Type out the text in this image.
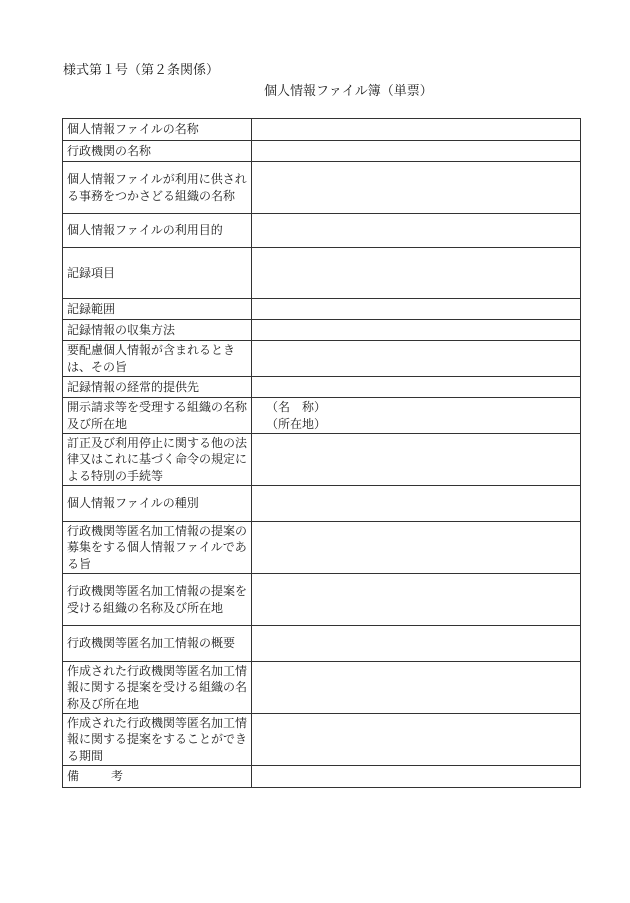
様式第１号（第２条関係）
個人情報ファイル簿（単票）
個人情報ファイルの名称	
行政機関の名称	
個人情報ファイルが利用に供される事務をつかさどる組織の名称	
個人情報ファイルの利用目的	
記録項目	
記録範囲	
記録情報の収集方法	
要配慮個人情報が含まれるときは、その旨	
記録情報の経常的提供先	
開示請求等を受理する組織の名称及び所在地	（名　称）
（所在地）

訂正及び利用停止に関する他の法律又はこれに基づく命令の規定による特別の手続等	
個人情報ファイルの種別	
行政機関等匿名加工情報の提案の募集をする個人情報ファイルである旨	
行政機関等匿名加工情報の提案を受ける組織の名称及び所在地	
行政機関等匿名加工情報の概要	
作成された行政機関等匿名加工情報に関する提案を受ける組織の名称及び所在地	
作成された行政機関等匿名加工情報に関する提案をすることができる期間	
備 考	
